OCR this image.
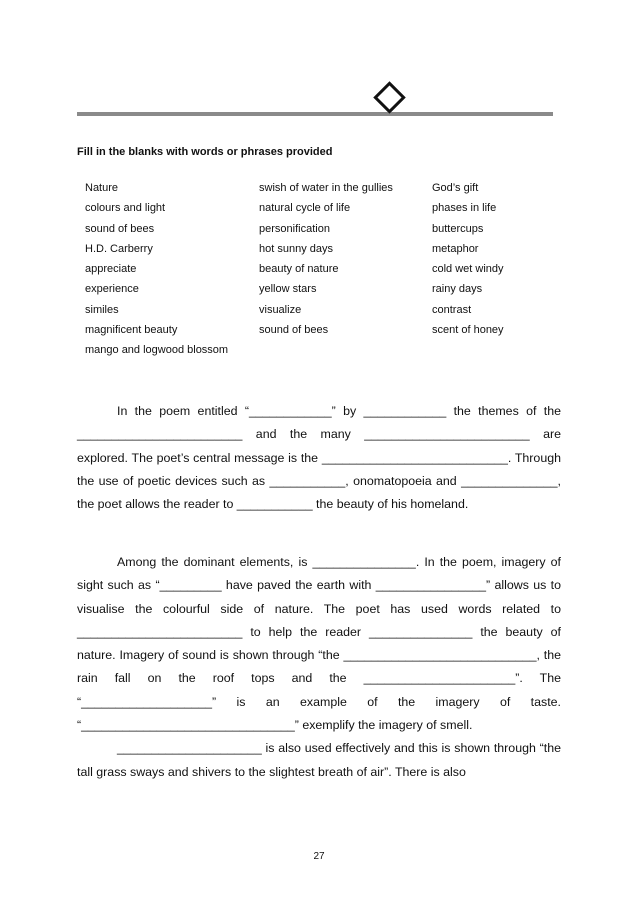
Fill in the blanks with words or phrases provided
Nature
colours and light
sound of bees
H.D. Carberry
appreciate
experience
similes
magnificent beauty
mango and logwood blossom
swish of water in the gullies
natural cycle of life
personification
hot sunny days
beauty of nature
yellow stars
visualize
sound of bees
God’s gift
phases in life
buttercups
metaphor
cold wet windy
rainy days
contrast
scent of honey

In the poem entitled “____________” by ____________ the themes of the ________________________ and the many ________________________ are explored. The poet’s central message is the ___________________________. Through the use of poetic devices such as ___________, onomatopoeia and ______________, the poet allows the reader to ___________ the beauty of his homeland.

Among the dominant elements, is _______________. In the poem, imagery of sight such as “_________ have paved the earth with ________________” allows us to visualise the colourful side of nature. The poet has used words related to ________________________ to help the reader _______________ the beauty of nature. Imagery of sound is shown through “the ____________________________, the rain fall on the roof tops and the ______________________”. The “___________________” is an example of the imagery of taste. “_______________________________” exemplify the imagery of smell.

_____________________ is also used effectively and this is shown through “the tall grass sways and shivers to the slightest breath of air”. There is also

27
